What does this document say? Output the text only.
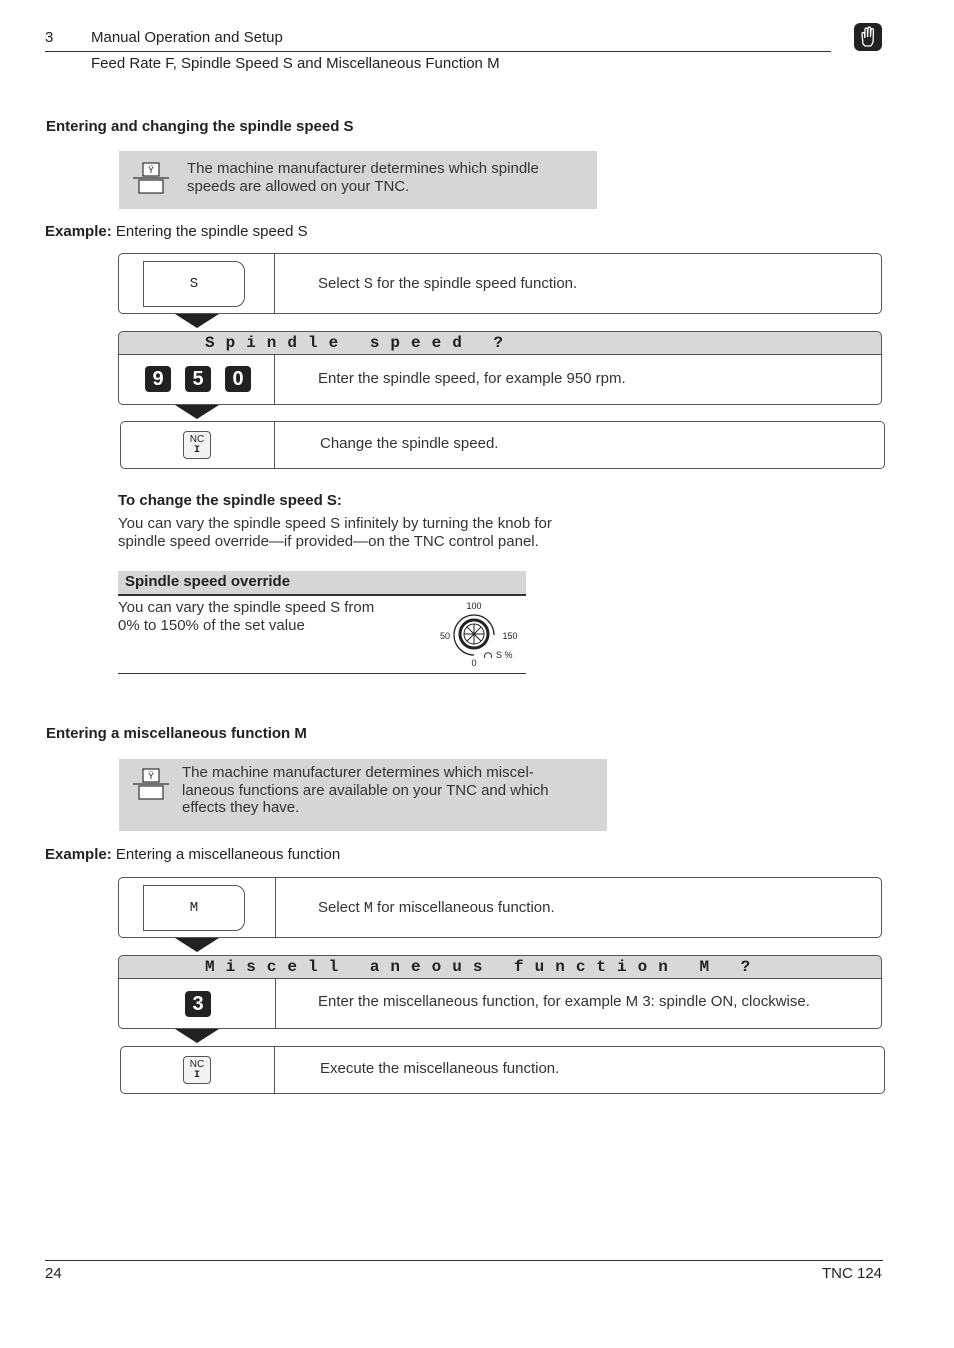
3	Manual Operation and Setup
Feed Rate F, Spindle Speed S and Miscellaneous Function M
Entering and changing the spindle speed S
Ÿ The machine manufacturer determines which spindle speeds are allowed on your TNC.
Example: Entering the spindle speed S
S	Select S for the spindle speed function.
Spindle speed ?
9	5	0	Enter the spindle speed, for example 950 rpm.
NC
I	Change the spindle speed.
To change the spindle speed S:
You can vary the spindle speed S infinitely by turning the knob for
spindle speed override—if provided—on the TNC control panel.
Spindle speed override
You can vary the spindle speed S from
0% to 150% of the set value
100
50	150
0
S %
Entering a miscellaneous function M
Ÿ The machine manufacturer determines which miscel-
laneous functions are available on your TNC and which
effects they have.
Example: Entering a miscellaneous function
M	Select M for miscellaneous function.
Miscell aneous function M ?
3	Enter the miscellaneous function, for example M 3: spindle ON, clockwise.
NC
I	Execute the miscellaneous function.
24	TNC 124
